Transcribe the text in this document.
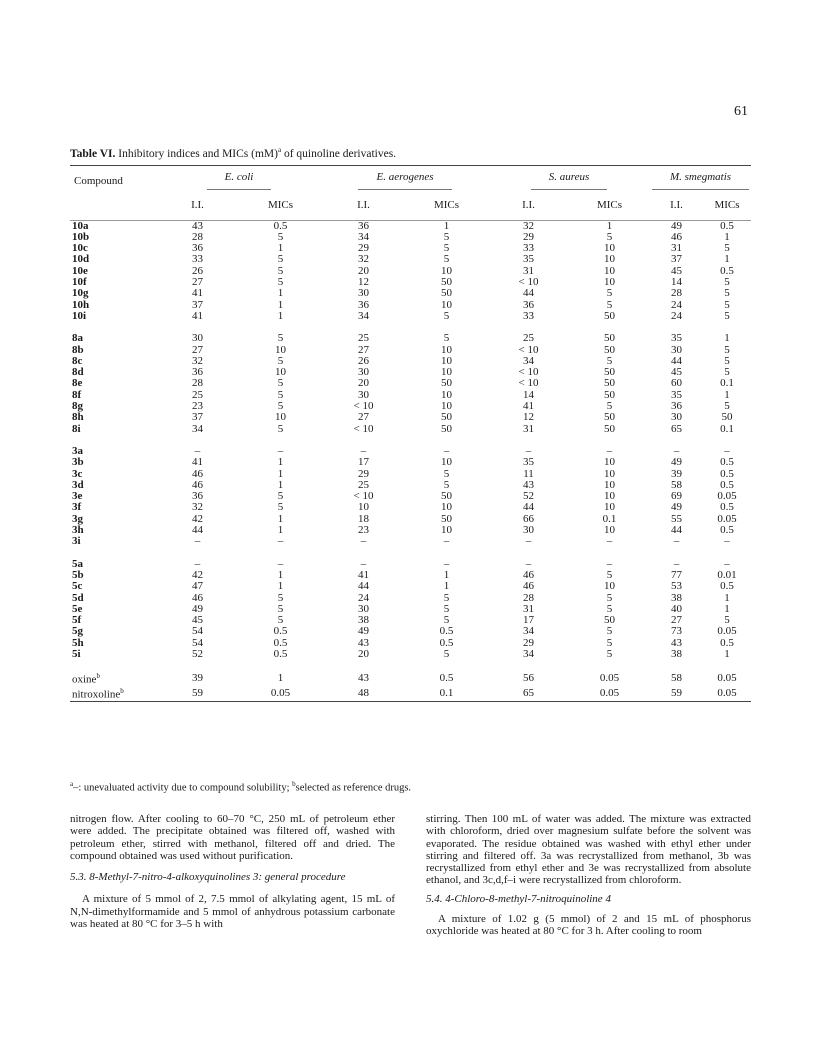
61
Table VI. Inhibitory indices and MICs (mM)$^a$ of quinoline derivatives.
Compound	E. coli		E. aerogenes		S. aureus		M. smegmatis	
	I.I.	MICs	I.I.	MICs	I.I.	MICs	I.I.	MICs
10a	43	0.5	36	1	32	1	49	0.5
10b	28	5	34	5	29	5	46	1
10c	36	1	29	5	33	10	31	5
10d	33	5	32	5	35	10	37	1
10e	26	5	20	10	31	10	45	0.5
10f	27	5	12	50	< 10	10	14	5
10g	41	1	30	50	44	5	28	5
10h	37	1	36	10	36	5	24	5
10i	41	1	34	5	33	50	24	5

8a	30	5	25	5	25	50	35	1
8b	27	10	27	10	< 10	50	30	5
8c	32	5	26	10	34	5	44	5
8d	36	10	30	10	< 10	50	45	5
8e	28	5	20	50	< 10	50	60	0.1
8f	25	5	30	10	14	50	35	1
8g	23	5	< 10	10	41	5	36	5
8h	37	10	27	50	12	50	30	50
8i	34	5	< 10	50	31	50	65	0.1

3a	–	–	–	–	–	–	–	–
3b	41	1	17	10	35	10	49	0.5
3c	46	1	29	5	11	10	39	0.5
3d	46	1	25	5	43	10	58	0.5
3e	36	5	< 10	50	52	10	69	0.05
3f	32	5	10	10	44	10	49	0.5
3g	42	1	18	50	66	0.1	55	0.05
3h	44	1	23	10	30	10	44	0.5
3i	–	–	–	–	–	–	–	–

5a	–	–	–	–	–	–	–	–
5b	42	1	41	1	46	5	77	0.01
5c	47	1	44	1	46	10	53	0.5
5d	46	5	24	5	28	5	38	1
5e	49	5	30	5	31	5	40	1
5f	45	5	38	5	17	50	27	5
5g	54	0.5	49	0.5	34	5	73	0.05
5h	54	0.5	43	0.5	29	5	43	0.5
5i	52	0.5	20	5	34	5	38	1

oxine$^b$	39	1	43	0.5	56	0.05	58	0.05
nitroxoline$^b$	59	0.05	48	0.1	65	0.05	59	0.05
$^a$–: unevaluated activity due to compound solubility; $^b$selected as reference drugs.

nitrogen flow. After cooling to 60–70 °C, 250 mL of petroleum ether were added. The precipitate obtained was filtered off, washed with petroleum ether, stirred with methanol, filtered off and dried. The compound obtained was used without purification.

5.3. 8-Methyl-7-nitro-4-alkoxyquinolines 3: general procedure

A mixture of 5 mmol of 2, 7.5 mmol of alkylating agent, 15 mL of N,N-dimethylformamide and 5 mmol of anhydrous potassium carbonate was heated at 80 °C for 3–5 h with

stirring. Then 100 mL of water was added. The mixture was extracted with chloroform, dried over magnesium sulfate before the solvent was evaporated. The residue obtained was washed with ethyl ether under stirring and filtered off. 3a was recrystallized from methanol, 3b was recrystallized from ethyl ether and 3e was recrystallized from absolute ethanol, and 3c,d,f–i were recrystallized from chloroform.

5.4. 4-Chloro-8-methyl-7-nitroquinoline 4

A mixture of 1.02 g (5 mmol) of 2 and 15 mL of phosphorus oxychloride was heated at 80 °C for 3 h. After cooling to room
